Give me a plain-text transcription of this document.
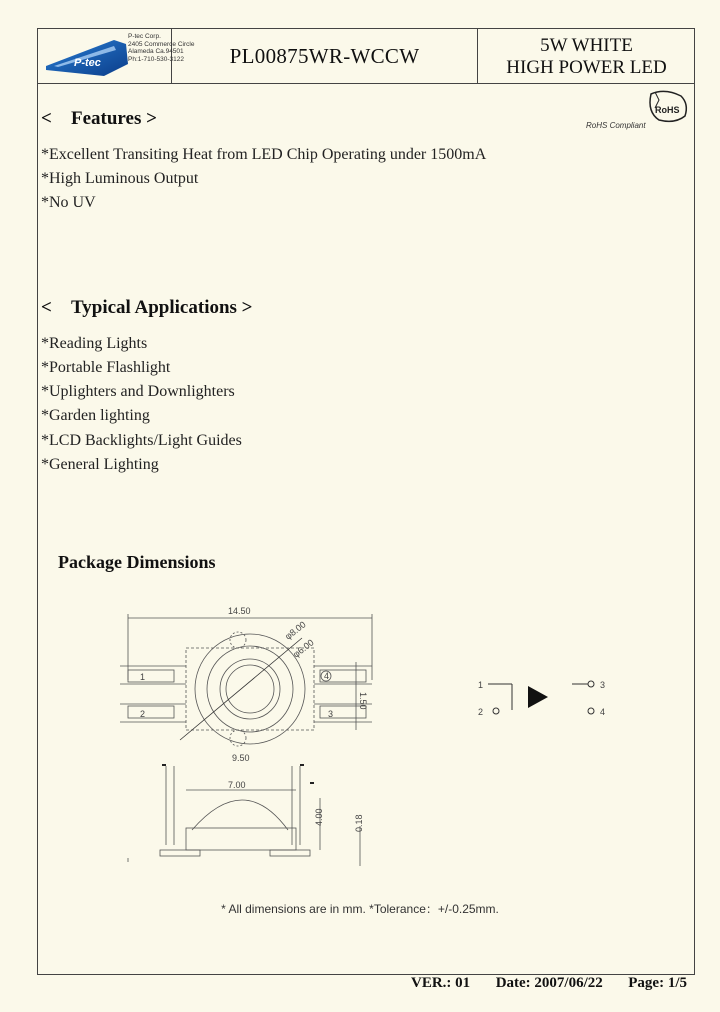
P-tec
P-tec Corp.
2405 Commerce Circle
Alameda Ca.94501
Ph:1-710-530-3122	PL00875WR-WCCW	5W WHITE
HIGH POWER LED
RoHS
RoHS Compliant
< Features >
*Excellent Transiting Heat from LED Chip Operating under 1500mA
*High Luminous Output
*No UV
< Typical Applications >
*Reading Lights
*Portable Flashlight
*Uplighters and Downlighters
*Garden lighting
*LCD Backlights/Light Guides
*General Lighting
Package Dimensions
14.50
φ8.00
φ6.00
9.50
1.50
7.00
4.00	0.18
1
2	3
4
1
2
3
4
* All dimensions are in mm. *Tolerance：+/-0.25mm.
VER.: 01 Date: 2007/06/22 Page: 1/5
